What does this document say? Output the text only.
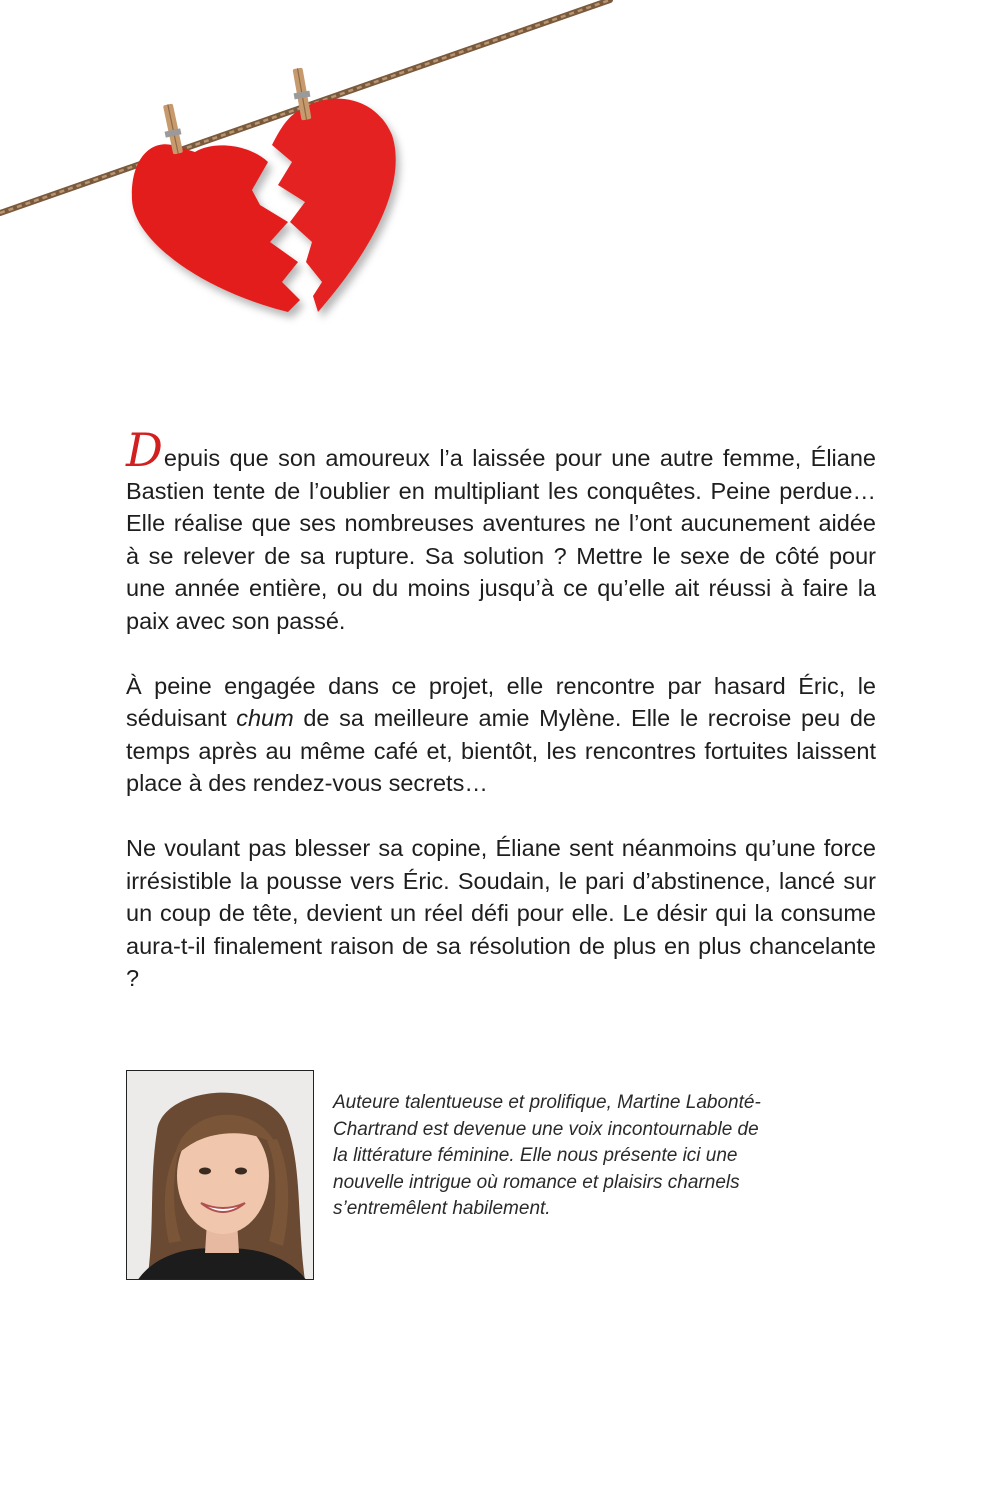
Depuis que son amoureux l’a laissée pour une autre femme, Éliane Bastien tente de l’oublier en multipliant les conquêtes. Peine perdue… Elle réalise que ses nombreuses aventures ne l’ont aucunement aidée à se relever de sa rupture. Sa solution ? Mettre le sexe de côté pour une année entière, ou du moins jusqu’à ce qu’elle ait réussi à faire la paix avec son passé.

À peine engagée dans ce projet, elle rencontre par hasard Éric, le séduisant chum de sa meilleure amie Mylène. Elle le recroise peu de temps après au même café et, bientôt, les rencontres fortuites laissent place à des rendez-vous secrets…

Ne voulant pas blesser sa copine, Éliane sent néanmoins qu’une force irrésistible la pousse vers Éric. Soudain, le pari d’abstinence, lancé sur un coup de tête, devient un réel défi pour elle. Le désir qui la consume aura-t-il finalement raison de sa résolution de plus en plus chancelante ?

Auteure talentueuse et prolifique, Martine Labonté-Chartrand est devenue une voix incontournable de la littérature féminine. Elle nous présente ici une nouvelle intrigue où romance et plaisirs charnels s’entremêlent habilement.
